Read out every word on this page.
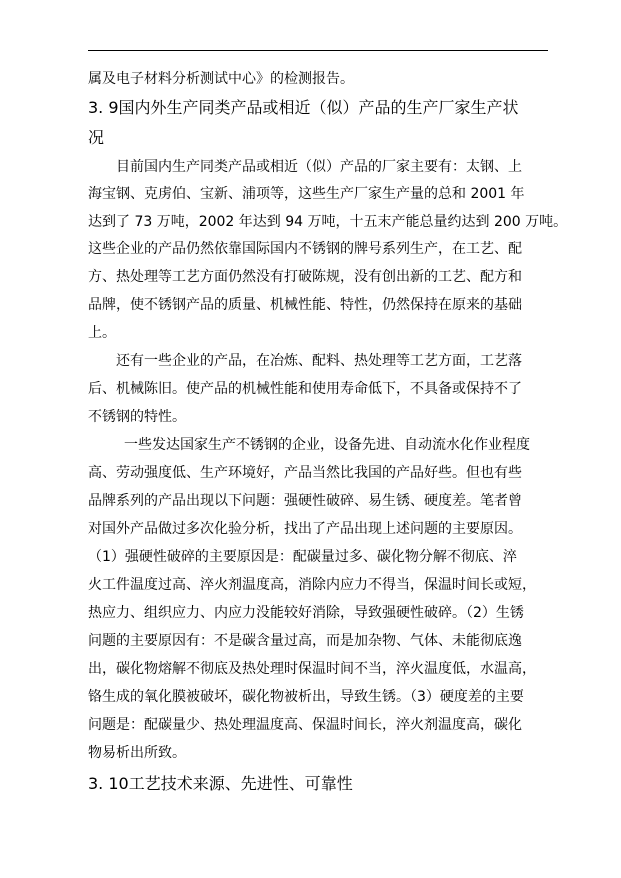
属及电子材料分析测试中心》的检测报告。
3. 9国内外生产同类产品或相近（似）产品的生产厂家生产状
况
目前国内生产同类产品或相近（似）产品的厂家主要有：太钢、上
海宝钢、克虏伯、宝新、浦项等，这些生产厂家生产量的总和 2001 年
达到了 73 万吨，2002 年达到 94 万吨，十五末产能总量约达到 200 万吨。
这些企业的产品仍然依靠国际国内不锈钢的牌号系列生产，在工艺、配
方、热处理等工艺方面仍然没有打破陈规，没有创出新的工艺、配方和
品牌，使不锈钢产品的质量、机械性能、特性，仍然保持在原来的基础
上。
还有一些企业的产品，在冶炼、配料、热处理等工艺方面，工艺落
后、机械陈旧。使产品的机械性能和使用寿命低下，不具备或保持不了
不锈钢的特性。
一些发达国家生产不锈钢的企业，设备先进、自动流水化作业程度
高、劳动强度低、生产环境好，产品当然比我国的产品好些。但也有些
品牌系列的产品出现以下问题：强硬性破碎、易生锈、硬度差。笔者曾
对国外产品做过多次化验分析，找出了产品出现上述问题的主要原因。
（1）强硬性破碎的主要原因是：配碳量过多、碳化物分解不彻底、淬
火工件温度过高、淬火剂温度高，消除内应力不得当，保温时间长或短，
热应力、组织应力、内应力没能较好消除，导致强硬性破碎。（2）生锈
问题的主要原因有：不是碳含量过高，而是加杂物、气体、未能彻底逸
出，碳化物熔解不彻底及热处理时保温时间不当，淬火温度低，水温高，
铬生成的氧化膜被破坏，碳化物被析出，导致生锈。（3）硬度差的主要
问题是：配碳量少、热处理温度高、保温时间长，淬火剂温度高，碳化
物易析出所致。
3. 10工艺技术来源、先进性、可靠性
